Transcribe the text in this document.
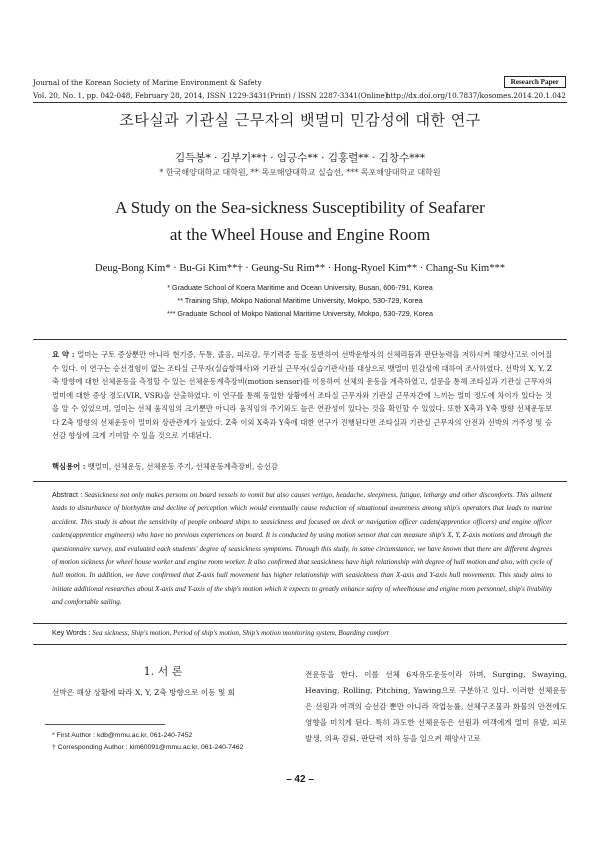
Journal of the Korean Society of Marine Environment & Safety	Research Paper
Vol. 20, No. 1, pp. 042-048, February 28, 2014, ISSN 1229-3431(Print) / ISSN 2287-3341(Online)
http://dx.doi.org/10.7837/kosomes.2014.20.1.042
조타실과 기관실 근무자의 뱃멀미 민감성에 대한 연구
김득봉* · 김부기**† · 임긍수** · 김홍렬** · 김창수***
* 한국해양대학교 대학원, ** 목포해양대학교 실습선, *** 목포해양대학교 대학원
A Study on the Sea-sickness Susceptibility of Seafarer
at the Wheel House and Engine Room
Deug-Bong Kim* · Bu-Gi Kim**† · Geung-Su Rim** · Hong-Ryoel Kim** · Chang-Su Kim***
* Graduate School of Koera Maritime and Ocean University, Busan, 606-791, Korea
** Training Ship, Mokpo National Maritime University, Mokpo, 530-729, Korea
*** Graduate School of Mokpo National Maritime University, Mokpo, 530-729, Korea
요 약 : 멀미는 구토 증상뿐만 아니라 현기증, 두통, 졸음, 피로감, 무기력증 등을 동반하여 선박운항자의 신체리듬과 판단능력을 저하시켜 해양사고로 이어질 수 있다. 이 연구는 승선경험이 없는 조타실 근무자(실습항해사)와 기관실 근무자(실습기관사)를 대상으로 뱃멀미 민감성에 대하여 조사하였다. 선박의 X, Y, Z축 방향에 대한 선체운동을 측정할 수 있는 선체운동계측장비(motion sensor)를 이용하여 선체의 운동을 계측하였고, 설문을 통해 조타실과 기관실 근무자의 멀미에 대한 증상 정도(VIR, VSR)을 산출하였다. 이 연구를 통해 동일한 상황에서 조타실 근무자와 기관실 근무자간에 느끼는 멀미 정도에 차이가 있다는 것을 알 수 있었으며, 멀미는 선체 움직임의 크기뿐만 아니라 움직임의 주기와도 높은 연관성이 있다는 것을 확인할 수 있었다. 또한 X축과 Y축 방향 선체운동보다 Z축 방향의 선체운동이 멀미와 상관관계가 높았다. Z축 이외 X축과 Y축에 대한 연구가 진행된다면 조타실과 기관실 근무자의 안전과 선박의 거주성 및 승선감 향상에 크게 기여할 수 있을 것으로 기대된다.
핵심용어 : 뱃멀미, 선체운동, 선체운동 주기, 선체운동계측장비, 승선감
Abstract : Seasickness not only makes persons on board vessels to vomit but also causes vertigo, headache, sleepiness, fatigue, lethargy and other discomforts. This ailment leads to disturbance of biorhythm and decline of perception which would eventually cause reduction of situational awareness among ship's operators that leads to marine accident. This study is about the sensitivity of people onboard ships to seasickness and focused on deck or navigation officer cadets(apprentice officers) and engine officer cadets(apprentice engineers) who have no previous experiences on board. It is conducted by using motion sensor that can measure ship's X, Y, Z-axis motions and through the questionnaire survey, and evaluated each students' degree of seasickness symptoms. Through this study, in same circumstance, we have known that there are different degrees of motion sickness for wheel house worker and engine room worker. It also confirmed that seasickness have high relationship with degree of hull motion and also, with cycle of hull motion. In addition, we have confirmed that Z-axis hull movement has higher relationship with seasickness than X-axis and Y-axis hull movements. This study aims to initiate additional researches about X-axis and Y-axis of the ship's motion which it expects to greatly enhance safety of wheelhouse and engine room personnel, ship's livability and comfortable sailing.
Key Words : Sea sickness, Ship's motion, Period of ship's motion, Ship's motion monitoring system, Boarding comfort
1. 서 론
선박은 해상 상황에 따라 X, Y, Z축 방향으로 이동 및 회
전운동을 한다. 이를 선체 6자유도운동이라 하며, Surging, Swaying, Heaving, Rolling, Pitching, Yawing으로 구분하고 있다. 이러한 선체운동은 선원과 여객의 승선감 뿐만 아니라 작업능률, 선체구조물과 화물의 안전에도 영향을 미치게 된다. 특히 과도한 선체운동은 선원과 여객에게 멀미 유발, 피로 발생, 의욕 감퇴, 판단력 저하 등을 일으켜 해양사고로
* First Author : kdb@mmu.ac.kr, 061-240-7452
† Corresponding Author : kim60091@mmu.ac.kr, 061-240-7462
– 42 –
